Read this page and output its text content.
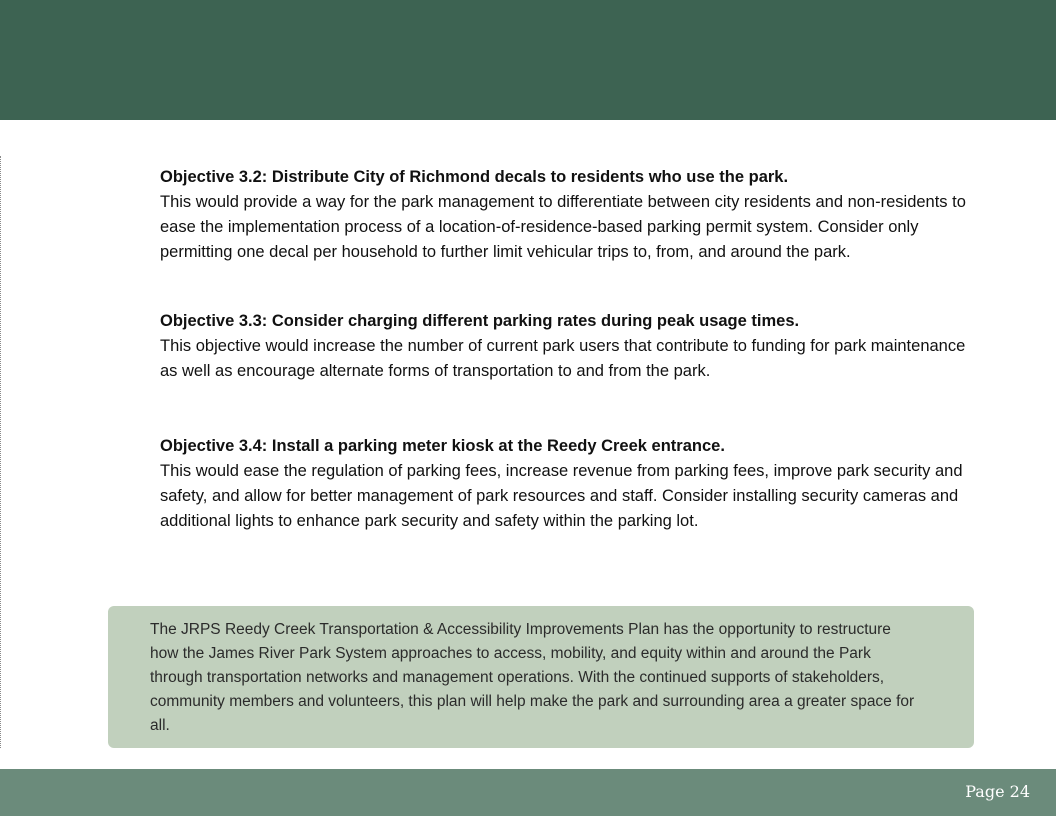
Objective 3.2: Distribute City of Richmond decals to residents who use the park.

This would provide a way for the park management to differentiate between city residents and non-residents to ease the implementation process of a location-of-residence-based parking permit system. Consider only permitting one decal per household to further limit vehicular trips to, from, and around the park.

Objective 3.3: Consider charging different parking rates during peak usage times.

This objective would increase the number of current park users that contribute to funding for park maintenance as well as encourage alternate forms of transportation to and from the park.

Objective 3.4: Install a parking meter kiosk at the Reedy Creek entrance.

This would ease the regulation of parking fees, increase revenue from parking fees, improve park security and safety, and allow for better management of park resources and staff. Consider installing security cameras and additional lights to enhance park security and safety within the parking lot.

The JRPS Reedy Creek Transportation & Accessibility Improvements Plan has the opportunity to restructure how the James River Park System approaches to access, mobility, and equity within and around the Park through transportation networks and management operations. With the continued supports of stakeholders, community members and volunteers, this plan will help make the park and surrounding area a greater space for all.

Page 24
